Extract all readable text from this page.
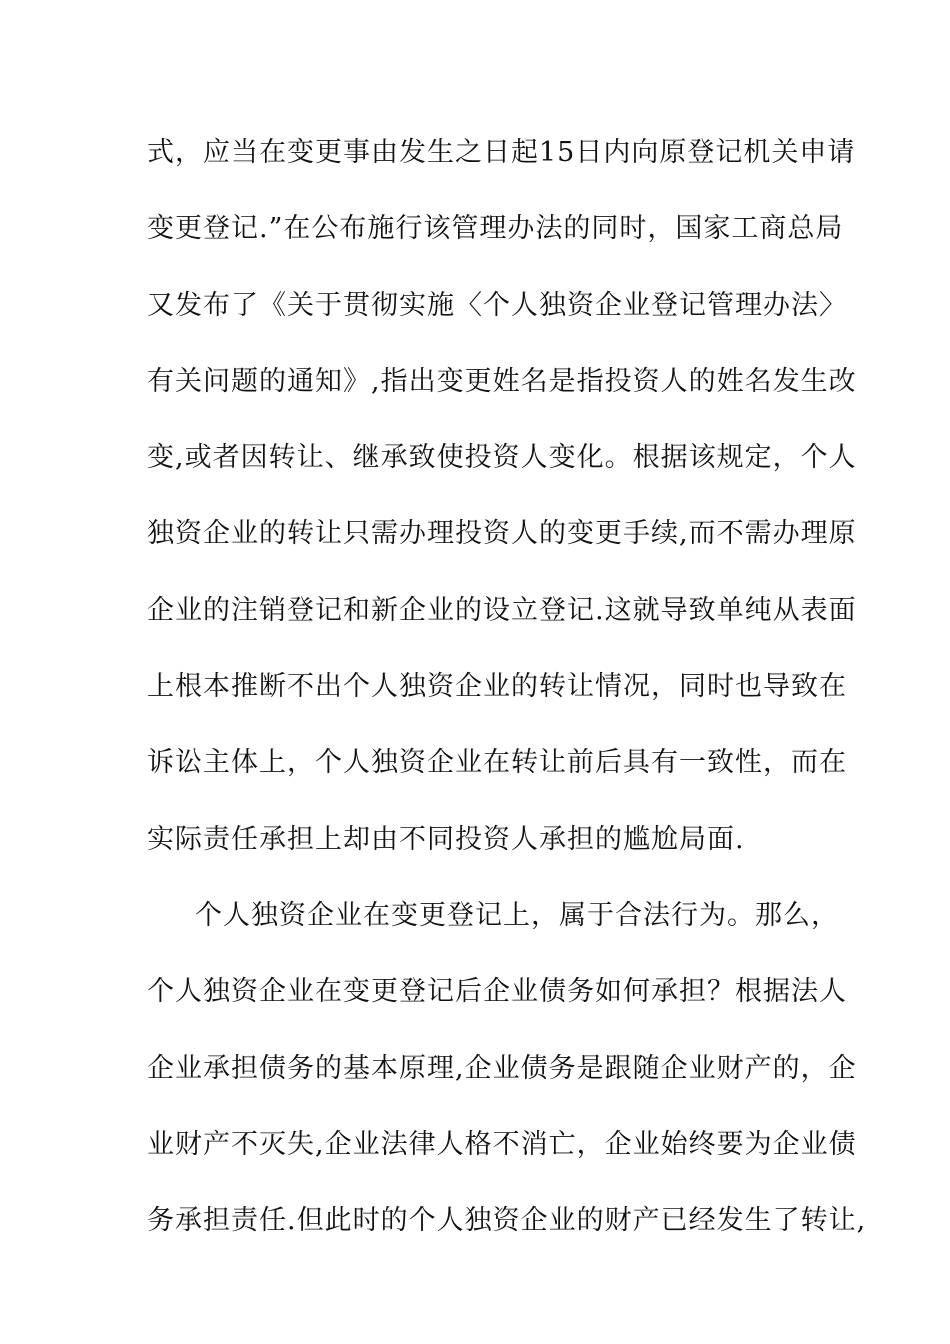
式，应当在变更事由发生之日起15日内向原登记机关申请
变更登记.”在公布施行该管理办法的同时，国家工商总局
又发布了《关于贯彻实施〈个人独资企业登记管理办法〉
有关问题的通知》,指出变更姓名是指投资人的姓名发生改
变,或者因转让、继承致使投资人变化。根据该规定，个人
独资企业的转让只需办理投资人的变更手续,而不需办理原
企业的注销登记和新企业的设立登记.这就导致单纯从表面
上根本推断不出个人独资企业的转让情况，同时也导致在
诉讼主体上，个人独资企业在转让前后具有一致性，而在
实际责任承担上却由不同投资人承担的尴尬局面.
个人独资企业在变更登记上，属于合法行为。那么，
个人独资企业在变更登记后企业债务如何承担？根据法人
企业承担债务的基本原理,企业债务是跟随企业财产的，企
业财产不灭失,企业法律人格不消亡，企业始终要为企业债
务承担责任.但此时的个人独资企业的财产已经发生了转让,
